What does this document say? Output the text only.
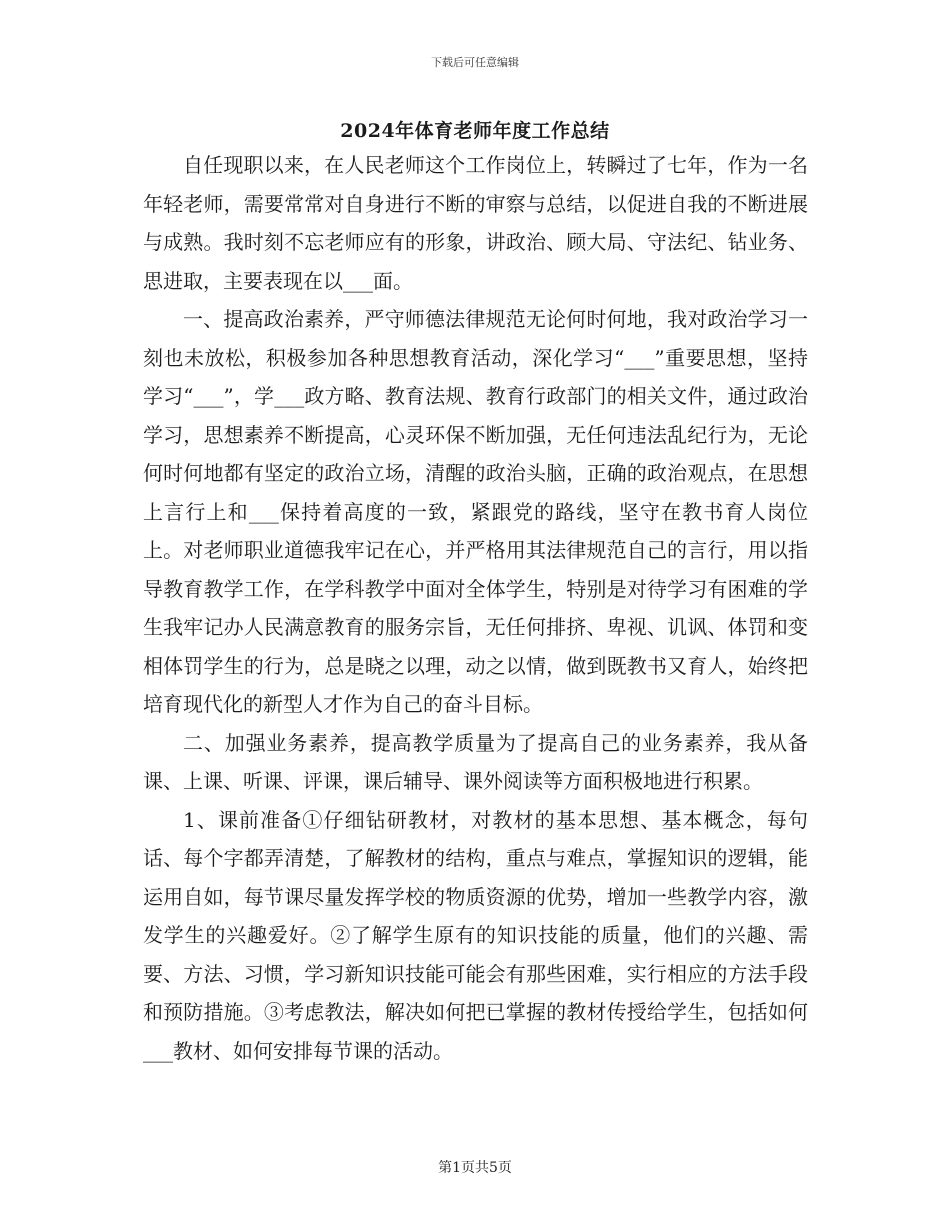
下载后可任意编辑
2024年体育老师年度工作总结

自任现职以来，在人民老师这个工作岗位上，转瞬过了七年，作为一名年轻老师，需要常常对自身进行不断的审察与总结，以促进自我的不断进展与成熟。我时刻不忘老师应有的形象，讲政治、顾大局、守法纪、钻业务、思进取，主要表现在以___面。

一、提高政治素养，严守师德法律规范无论何时何地，我对政治学习一刻也未放松，积极参加各种思想教育活动，深化学习“___”重要思想，坚持学习“___”，学___政方略、教育法规、教育行政部门的相关文件，通过政治学习，思想素养不断提高，心灵环保不断加强，无任何违法乱纪行为，无论何时何地都有坚定的政治立场，清醒的政治头脑，正确的政治观点，在思想上言行上和___保持着高度的一致，紧跟党的路线，坚守在教书育人岗位上。对老师职业道德我牢记在心，并严格用其法律规范自己的言行，用以指导教育教学工作，在学科教学中面对全体学生，特别是对待学习有困难的学生我牢记办人民满意教育的服务宗旨，无任何排挤、卑视、讥讽、体罚和变相体罚学生的行为，总是晓之以理，动之以情，做到既教书又育人，始终把培育现代化的新型人才作为自己的奋斗目标。

二、加强业务素养，提高教学质量为了提高自己的业务素养，我从备课、上课、听课、评课，课后辅导、课外阅读等方面积极地进行积累。

1、课前准备①仔细钻研教材，对教材的基本思想、基本概念，每句话、每个字都弄清楚，了解教材的结构，重点与难点，掌握知识的逻辑，能运用自如，每节课尽量发挥学校的物质资源的优势，增加一些教学内容，激发学生的兴趣爱好。②了解学生原有的知识技能的质量，他们的兴趣、需要、方法、习惯，学习新知识技能可能会有那些困难，实行相应的方法手段和预防措施。③考虑教法，解决如何把已掌握的教材传授给学生，包括如何___教材、如何安排每节课的活动。

第1页共5页
